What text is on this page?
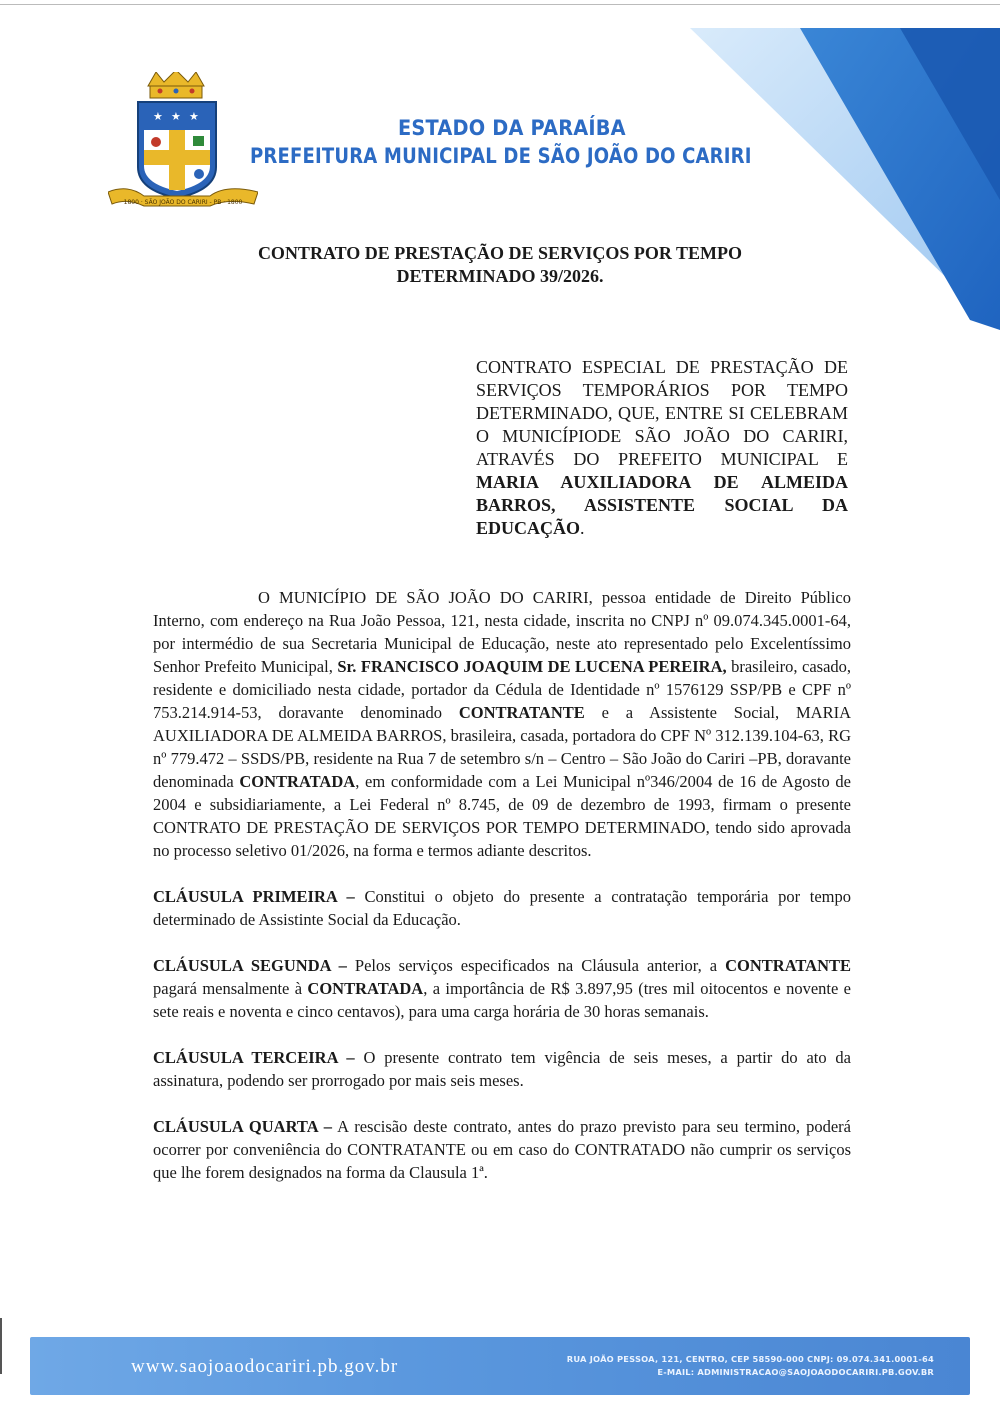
★ ★ ★
1800 · SÃO JOÃO DO CARIRI - PB · 1800
ESTADO DA PARAÍBA
PREFEITURA MUNICIPAL DE SÃO JOÃO DO CARIRI
CONTRATO DE PRESTAÇÃO DE SERVIÇOS POR TEMPO
DETERMINADO 39/2026.
CONTRATO ESPECIAL DE PRESTAÇÃO DE SERVIÇOS TEMPORÁRIOS POR TEMPO DETERMINADO, QUE, ENTRE SI CELEBRAM O MUNICÍPIODE SÃO JOÃO DO CARIRI, ATRAVÉS DO PREFEITO MUNICIPAL E MARIA AUXILIADORA DE ALMEIDA BARROS, ASSISTENTE SOCIAL DA EDUCAÇÃO.

O MUNICÍPIO DE SÃO JOÃO DO CARIRI, pessoa entidade de Direito Público Interno, com endereço na Rua João Pessoa, 121, nesta cidade, inscrita no CNPJ nº 09.074.345.0001-64, por intermédio de sua Secretaria Municipal de Educação, neste ato representado pelo Excelentíssimo Senhor Prefeito Municipal, Sr. FRANCISCO JOAQUIM DE LUCENA PEREIRA, brasileiro, casado, residente e domiciliado nesta cidade, portador da Cédula de Identidade nº 1576129 SSP/PB e CPF nº 753.214.914-53, doravante denominado CONTRATANTE e a Assistente Social, MARIA AUXILIADORA DE ALMEIDA BARROS, brasileira, casada, portadora do CPF Nº 312.139.104-63, RG nº 779.472 – SSDS/PB, residente na Rua 7 de setembro s/n – Centro – São João do Cariri –PB, doravante denominada CONTRATADA, em conformidade com a Lei Municipal nº346/2004 de 16 de Agosto de 2004 e subsidiariamente, a Lei Federal nº 8.745, de 09 de dezembro de 1993, firmam o presente CONTRATO DE PRESTAÇÃO DE SERVIÇOS POR TEMPO DETERMINADO, tendo sido aprovada no processo seletivo 01/2026, na forma e termos adiante descritos.

CLÁUSULA PRIMEIRA – Constitui o objeto do presente a contratação temporária por tempo determinado de Assistinte Social da Educação.

CLÁUSULA SEGUNDA – Pelos serviços especificados na Cláusula anterior, a CONTRATANTE pagará mensalmente à CONTRATADA, a importância de R$ 3.897,95 (tres mil oitocentos e novente e sete reais e noventa e cinco centavos), para uma carga horária de 30 horas semanais.

CLÁUSULA TERCEIRA – O presente contrato tem vigência de seis meses, a partir do ato da assinatura, podendo ser prorrogado por mais seis meses.

CLÁUSULA QUARTA – A rescisão deste contrato, antes do prazo previsto para seu termino, poderá ocorrer por conveniência do CONTRATANTE ou em caso do CONTRATADO não cumprir os serviços que lhe forem designados na forma da Clausula 1ª.

www.saojoaodocariri.pb.gov.br	RUA JOÃO PESSOA, 121, CENTRO, CEP 58590-000 CNPJ: 09.074.341.0001-64
E-MAIL: ADMINISTRACAO@SAOJOAODOCARIRI.PB.GOV.BR
